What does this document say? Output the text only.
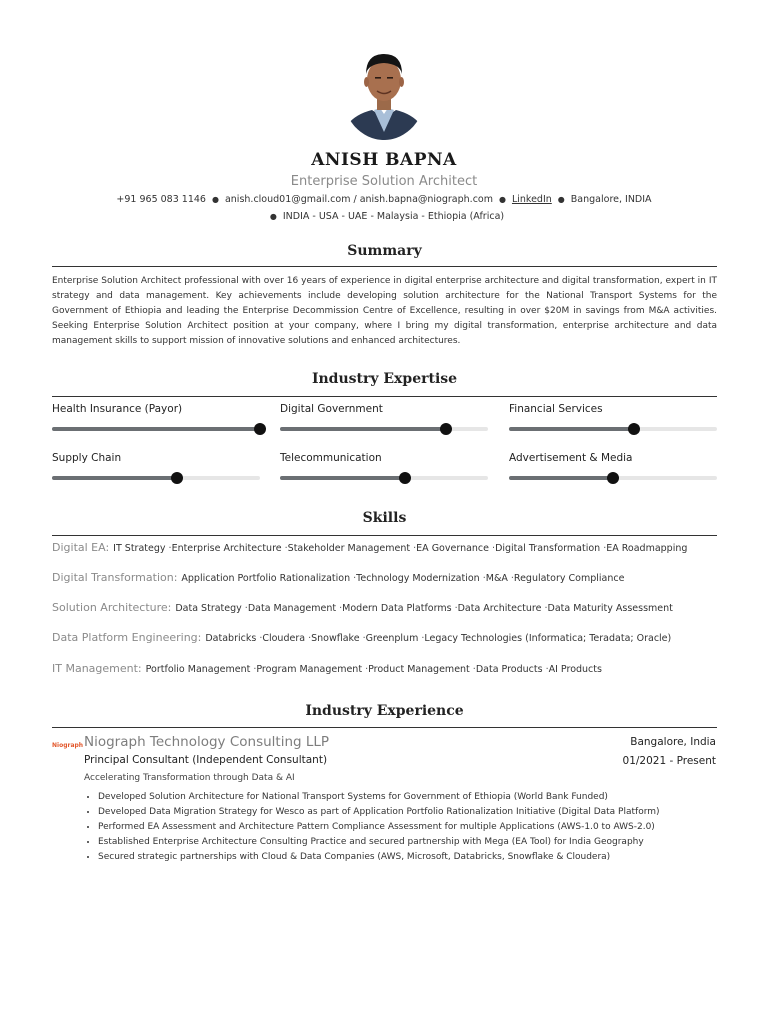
ANISH BAPNA
Enterprise Solution Architect
+91 965 083 1146 ● anish.cloud01@gmail.com / anish.bapna@niograph.com ● LinkedIn ● Bangalore, INDIA
● INDIA - USA - UAE - Malaysia - Ethiopia (Africa)
Summary
Enterprise Solution Architect professional with over 16 years of experience in digital enterprise architecture and digital transformation, expert in IT strategy and data management. Key achievements include developing solution architecture for the National Transport Systems for the Government of Ethiopia and leading the Enterprise Decommission Centre of Excellence, resulting in over $20M in savings from M&A activities. Seeking Enterprise Solution Architect position at your company, where I bring my digital transformation, enterprise architecture and data management skills to support mission of innovative solutions and enhanced architectures.
Industry Expertise
Health Insurance (Payor)	Digital Government	Financial Services
Supply Chain	Telecommunication	Advertisement & Media
Skills
Digital EA: IT Strategy · Enterprise Architecture · Stakeholder Management · EA Governance · Digital Transformation · EA Roadmapping
Digital Transformation: Application Portfolio Rationalization · Technology Modernization · M&A · Regulatory Compliance
Solution Architecture: Data Strategy · Data Management · Modern Data Platforms · Data Architecture · Data Maturity Assessment
Data Platform Engineering: Databricks · Cloudera · Snowflake · Greenplum · Legacy Technologies (Informatica; Teradata; Oracle)
IT Management: Portfolio Management · Program Management · Product Management · Data Products · AI Products
Industry Experience
Niograph Niograph Technology Consulting LLP	Bangalore, India
Principal Consultant (Independent Consultant)	01/2021 - Present
Accelerating Transformation through Data & AI
• Developed Solution Architecture for National Transport Systems for Government of Ethiopia (World Bank Funded)
• Developed Data Migration Strategy for Wesco as part of Application Portfolio Rationalization Initiative (Digital Data Platform)
• Performed EA Assessment and Architecture Pattern Compliance Assessment for multiple Applications (AWS-1.0 to AWS-2.0)
• Established Enterprise Architecture Consulting Practice and secured partnership with Mega (EA Tool) for India Geography
• Secured strategic partnerships with Cloud & Data Companies (AWS, Microsoft, Databricks, Snowflake & Cloudera)
